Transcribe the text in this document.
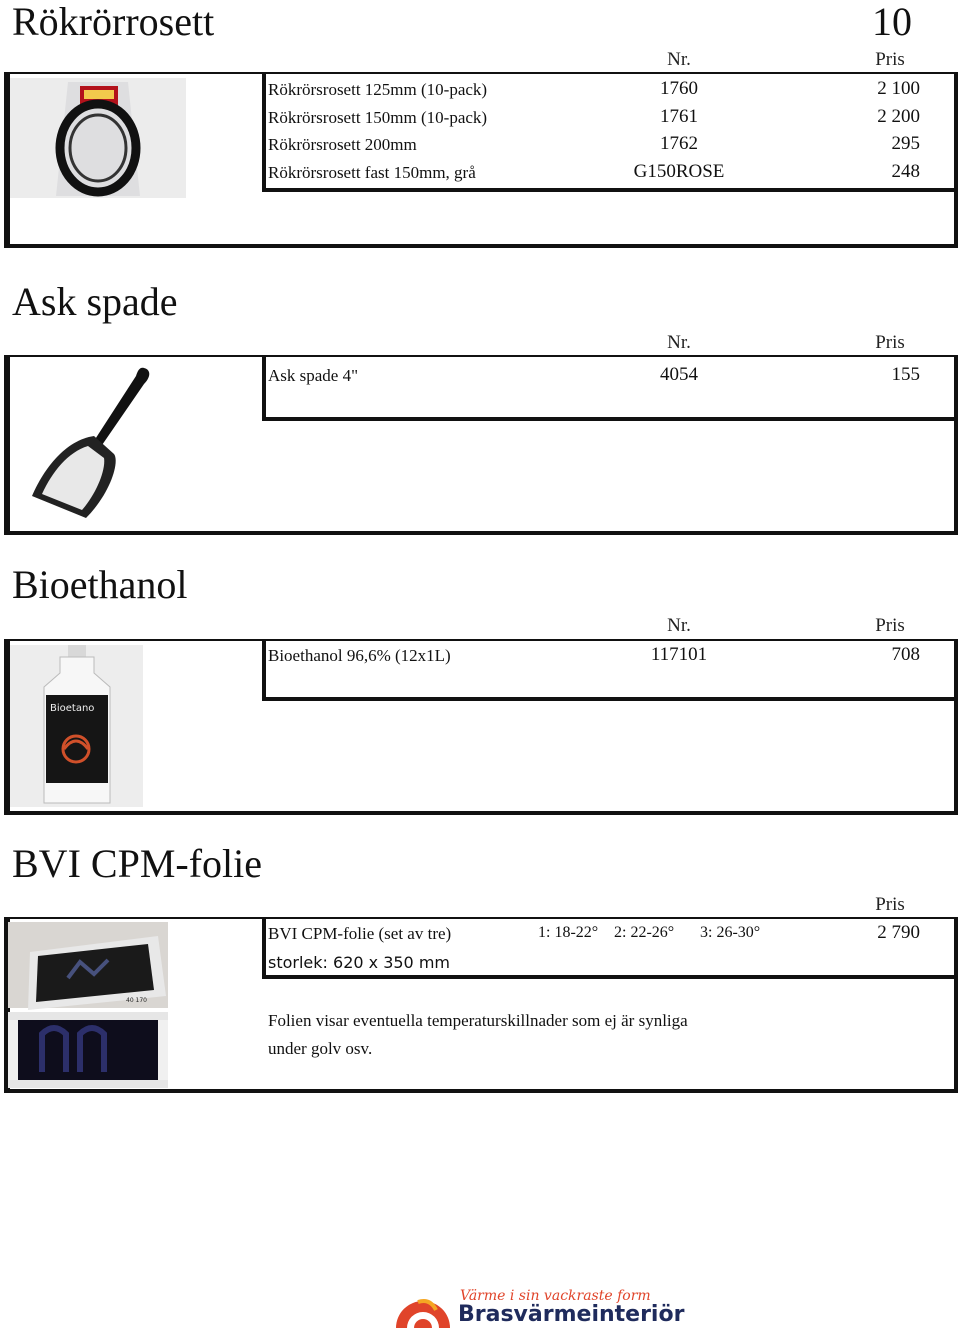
Rökrörrosett	10
Nr.	Pris
Ask spade
Nr.	Pris
Bioethanol
Nr.	Pris
Bioetano
BVI CPM-folie
Pris
40 170
BVI CPM-folie (set av tre)
storlek: 620 x 350 mm
1: 18-22° 2: 22-26° 3: 26-30°	2 790
Folien visar eventuella temperaturskillnader som ej är synliga
under golv osv.
Värme i sin vackraste form
Brasvärmeinteriör
Rökrörsrosett 125mm (10-pack)	1760	2 100
Rökrörsrosett 150mm (10-pack)	1761	2 200
Rökrörsrosett 200mm	1762	295
Rökrörsrosett fast 150mm, grå	G150ROSE	248
Ask spade 4"	4054	155
Bioethanol 96,6% (12x1L)	117101	708
